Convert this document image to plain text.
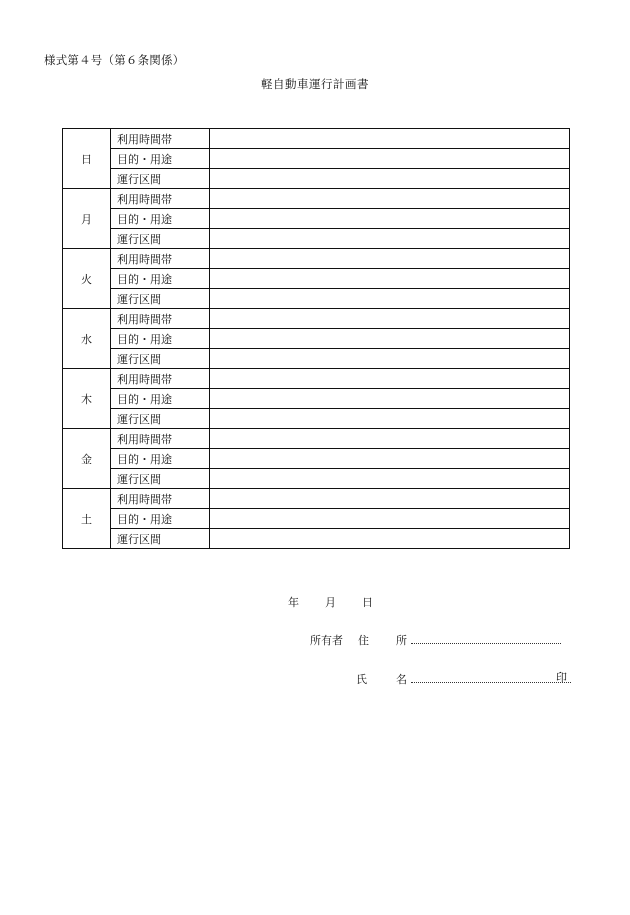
様式第４号（第６条関係）
軽自動車運行計画書
日	利用時間帯	
	目的・用途	
	運行区間	
月	利用時間帯	
	目的・用途	
	運行区間	
火	利用時間帯	
	目的・用途	
	運行区間	
水	利用時間帯	
	目的・用途	
	運行区間	
木	利用時間帯	
	目的・用途	
	運行区間	
金	利用時間帯	
	目的・用途	
	運行区間	
土	利用時間帯	
	目的・用途	
	運行区間	
年 月 日
所有者 住 所
氏	名	印
